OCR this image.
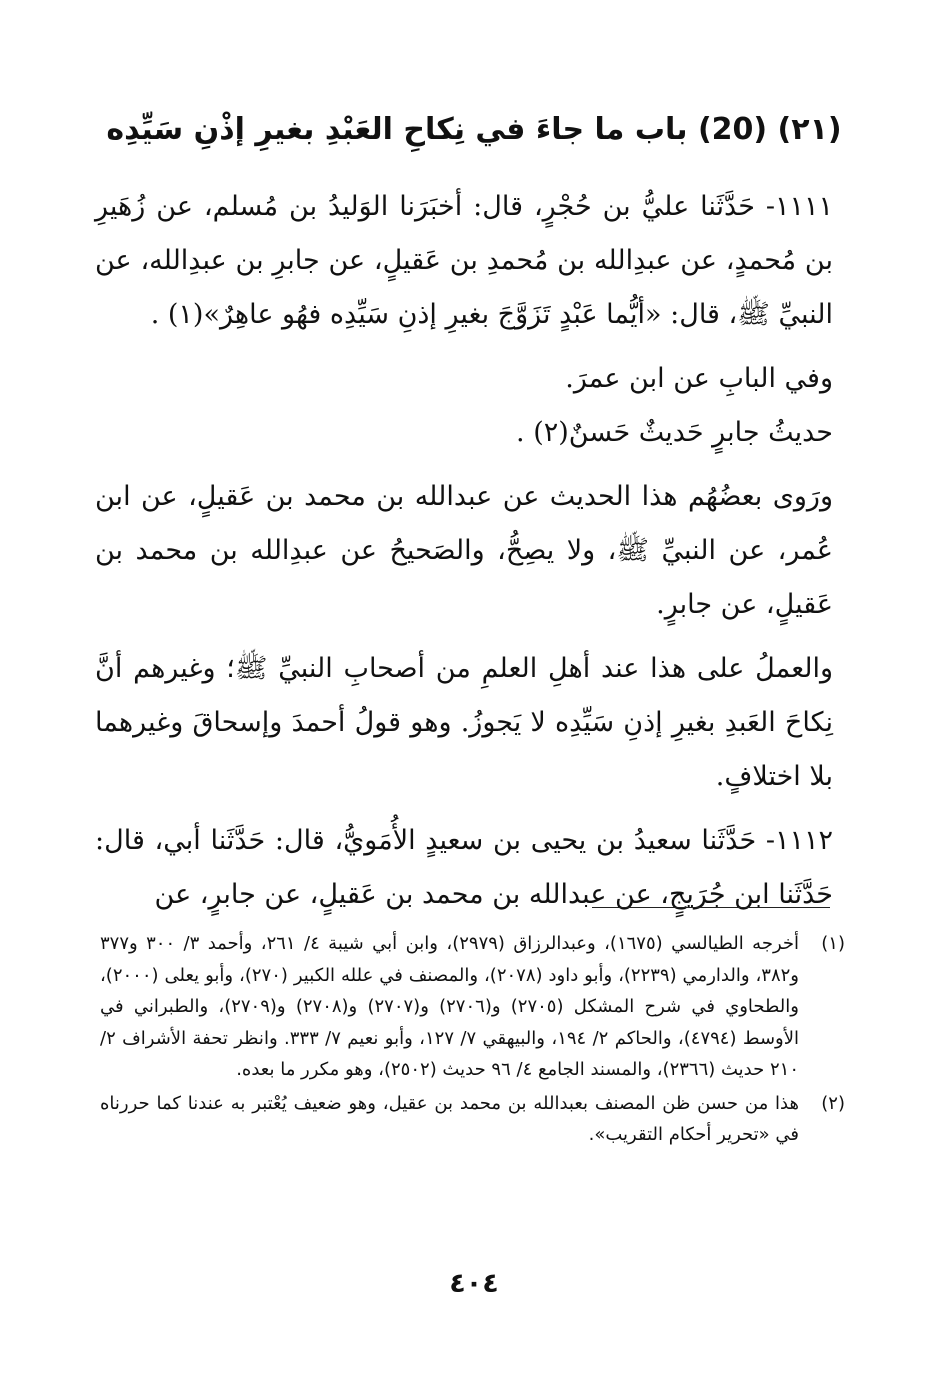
(٢١) (20) باب ما جاءَ في نِكاحِ العَبْدِ بغيرِ إذْنِ سَيِّدِه

١١١١- حَدَّثَنا عليُّ بن حُجْرٍ، قال: أخبَرَنا الوَليدُ بن مُسلم، عن زُهَيرِ بن مُحمدٍ، عن عبدِالله بن مُحمدِ بن عَقيلٍ، عن جابرِ بن عبدِالله، عن النبيِّ ﷺ، قال: «أيُّما عَبْدٍ تَزَوَّجَ بغيرِ إذنِ سَيِّدِه فهُو عاهِرٌ»(١) .

وفي البابِ عن ابن عمرَ.

حديثُ جابرٍ حَديثٌ حَسنٌ(٢) .

ورَوى بعضُهُم هذا الحديث عن عبدالله بن محمد بن عَقيلٍ، عن ابن عُمر، عن النبيِّ ﷺ، ولا يصِحُّ، والصَحيحُ عن عبدِالله بن محمد بن عَقيلٍ، عن جابرٍ.

والعملُ على هذا عند أهلِ العلمِ من أصحابِ النبيِّ ﷺ؛ وغيرهم أنَّ نِكاحَ العَبدِ بغيرِ إذنِ سَيِّدِه لا يَجوزُ. وهو قولُ أحمدَ وإسحاقَ وغيرهما بلا اختلافٍ.

١١١٢- حَدَّثَنا سعيدُ بن يحيى بن سعيدٍ الأُمَويُّ، قال: حَدَّثَنا أبي، قال: حَدَّثَنا ابن جُرَيجٍ، عن عبدالله بن محمد بن عَقيلٍ، عن جابرٍ، عن

(١)
أخرجه الطيالسي (١٦٧٥)، وعبدالرزاق (٢٩٧٩)، وابن أبي شيبة ٤/ ٢٦١، وأحمد ٣/ ٣٠٠ و٣٧٧ و٣٨٢، والدارمي (٢٢٣٩)، وأبو داود (٢٠٧٨)، والمصنف في علله الكبير (٢٧٠)، وأبو يعلى (٢٠٠٠)، والطحاوي في شرح المشكل (٢٧٠٥) و(٢٧٠٦) و(٢٧٠٧) و(٢٧٠٨) و(٢٧٠٩)، والطبراني في الأوسط (٤٧٩٤)، والحاكم ٢/ ١٩٤، والبيهقي ٧/ ١٢٧، وأبو نعيم ٧/ ٣٣٣. وانظر تحفة الأشراف ٢/ ٢١٠ حديث (٢٣٦٦)، والمسند الجامع ٤/ ٩٦ حديث (٢٥٠٢)، وهو مكرر ما بعده.
(٢)
هذا من حسن ظن المصنف بعبدالله بن محمد بن عقيل، وهو ضعيف يُعْتبر به عندنا كما حررناه في «تحرير أحكام التقريب».
٤٠٤
